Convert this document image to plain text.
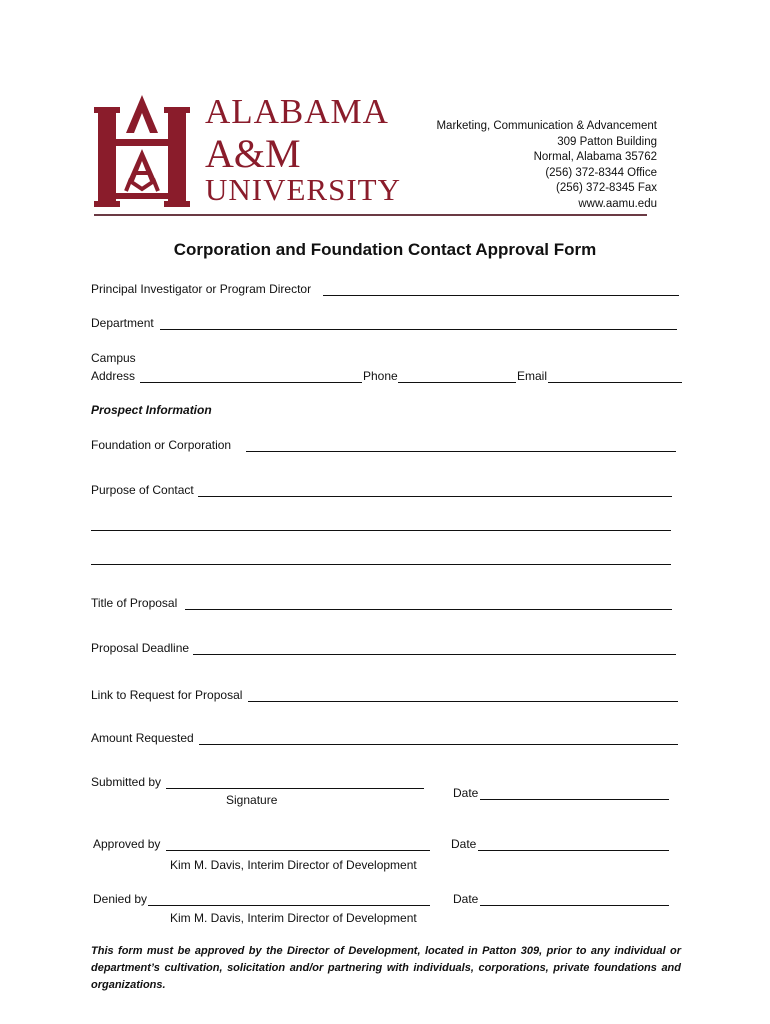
ALABAMA
A&M
UNIVERSITY
Marketing, Communication & Advancement
309 Patton Building
Normal, Alabama 35762
(256) 372-8344 Office
(256) 372-8345 Fax
www.aamu.edu
Corporation and Foundation Contact Approval Form
Principal Investigator or Program Director
Department
Campus
Address	Phone	Email
Prospect Information
Foundation or Corporation
Purpose of Contact
Title of Proposal
Proposal Deadline
Link to Request for Proposal
Amount Requested
Submitted by
Signature	Date
Approved by
Kim M. Davis, Interim Director of Development
Date
Denied by
Kim M. Davis, Interim Director of Development
Date
This form must be approved by the Director of Development, located in Patton 309, prior to any individual or department’s cultivation, solicitation and/or partnering with individuals, corporations, private foundations and organizations.
